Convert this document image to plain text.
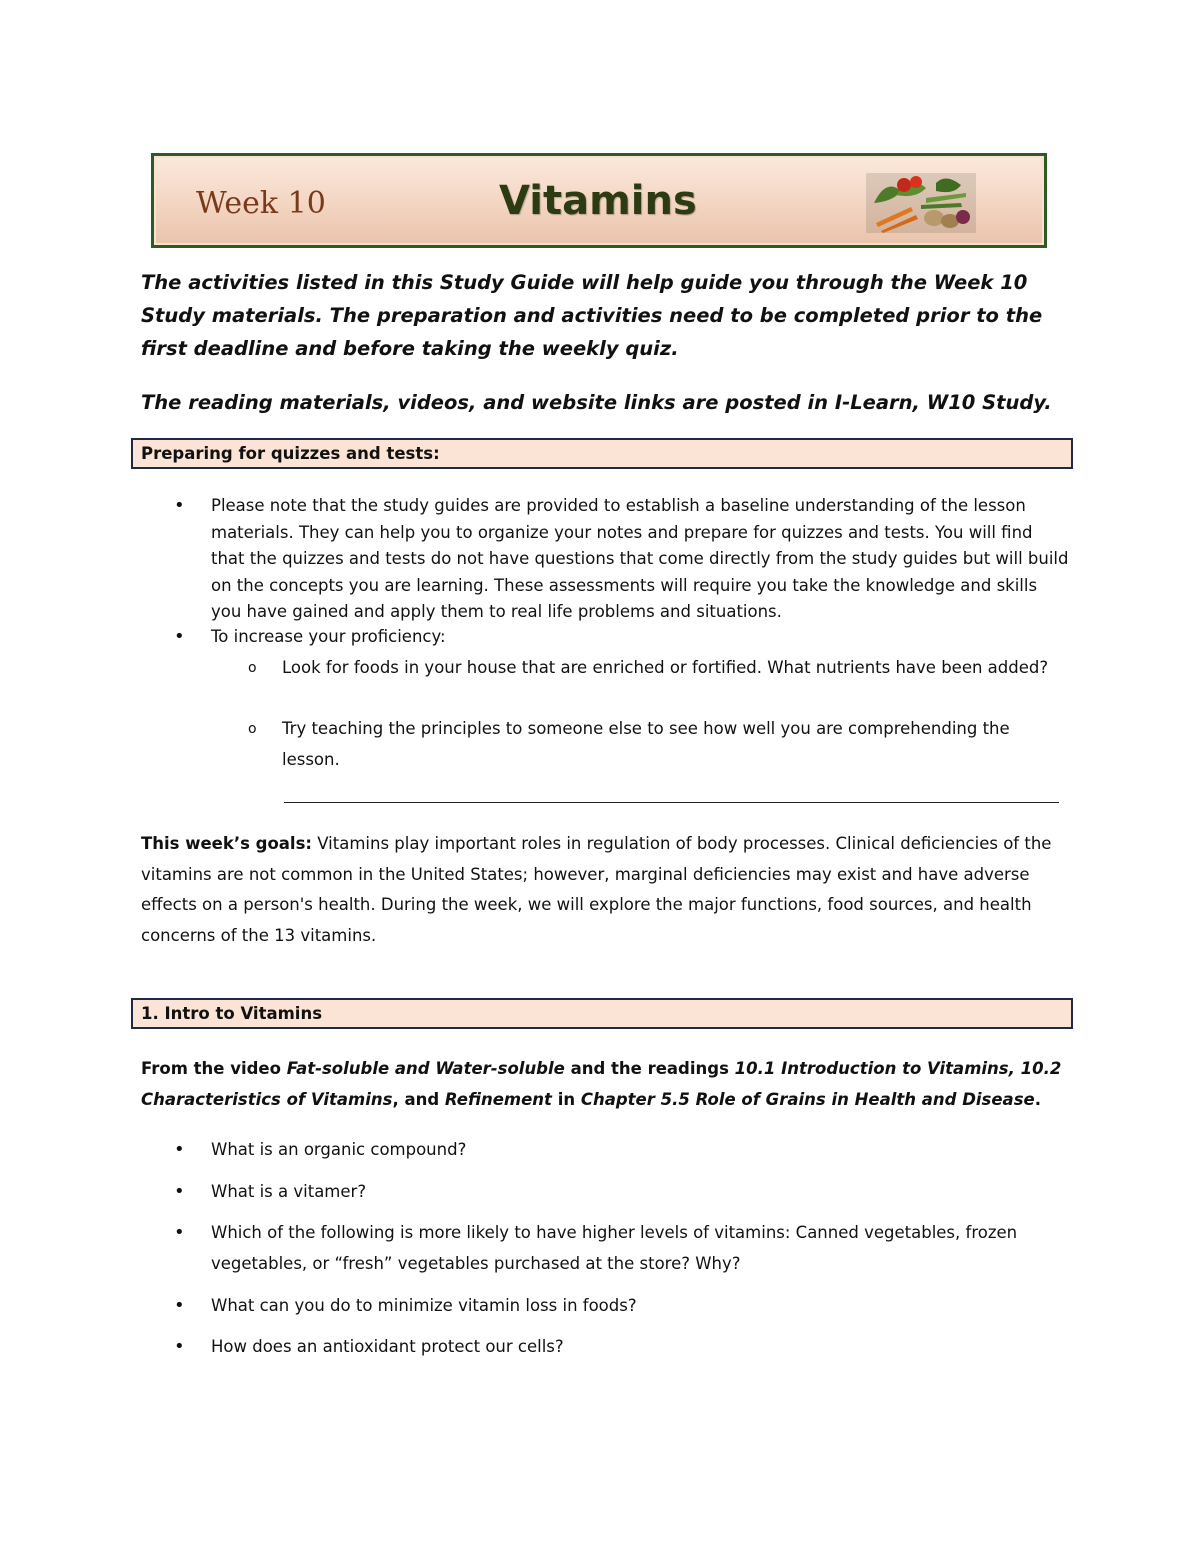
Week 10	Vitamins

The activities listed in this Study Guide will help guide you through the Week 10 Study materials. The preparation and activities need to be completed prior to the first deadline and before taking the weekly quiz.

The reading materials, videos, and website links are posted in I-Learn, W10 Study.

Preparing for quizzes and tests:

• Please note that the study guides are provided to establish a baseline understanding of the lesson materials. They can help you to organize your notes and prepare for quizzes and tests. You will find that the quizzes and tests do not have questions that come directly from the study guides but will build on the concepts you are learning. These assessments will require you take the knowledge and skills you have gained and apply them to real life problems and situations.

• To increase your proficiency:

o Look for foods in your house that are enriched or fortified. What nutrients have been added?

o Try teaching the principles to someone else to see how well you are comprehending the lesson.

This week’s goals: Vitamins play important roles in regulation of body processes. Clinical deficiencies of the vitamins are not common in the United States; however, marginal deficiencies may exist and have adverse effects on a person's health. During the week, we will explore the major functions, food sources, and health concerns of the 13 vitamins.

1. Intro to Vitamins

From the video Fat-soluble and Water-soluble and the readings 10.1 Introduction to Vitamins, 10.2 Characteristics of Vitamins, and Refinement in Chapter 5.5 Role of Grains in Health and Disease.

• What is an organic compound?

• What is a vitamer?

• Which of the following is more likely to have higher levels of vitamins: Canned vegetables, frozen vegetables, or “fresh” vegetables purchased at the store? Why?

• What can you do to minimize vitamin loss in foods?

• How does an antioxidant protect our cells?
